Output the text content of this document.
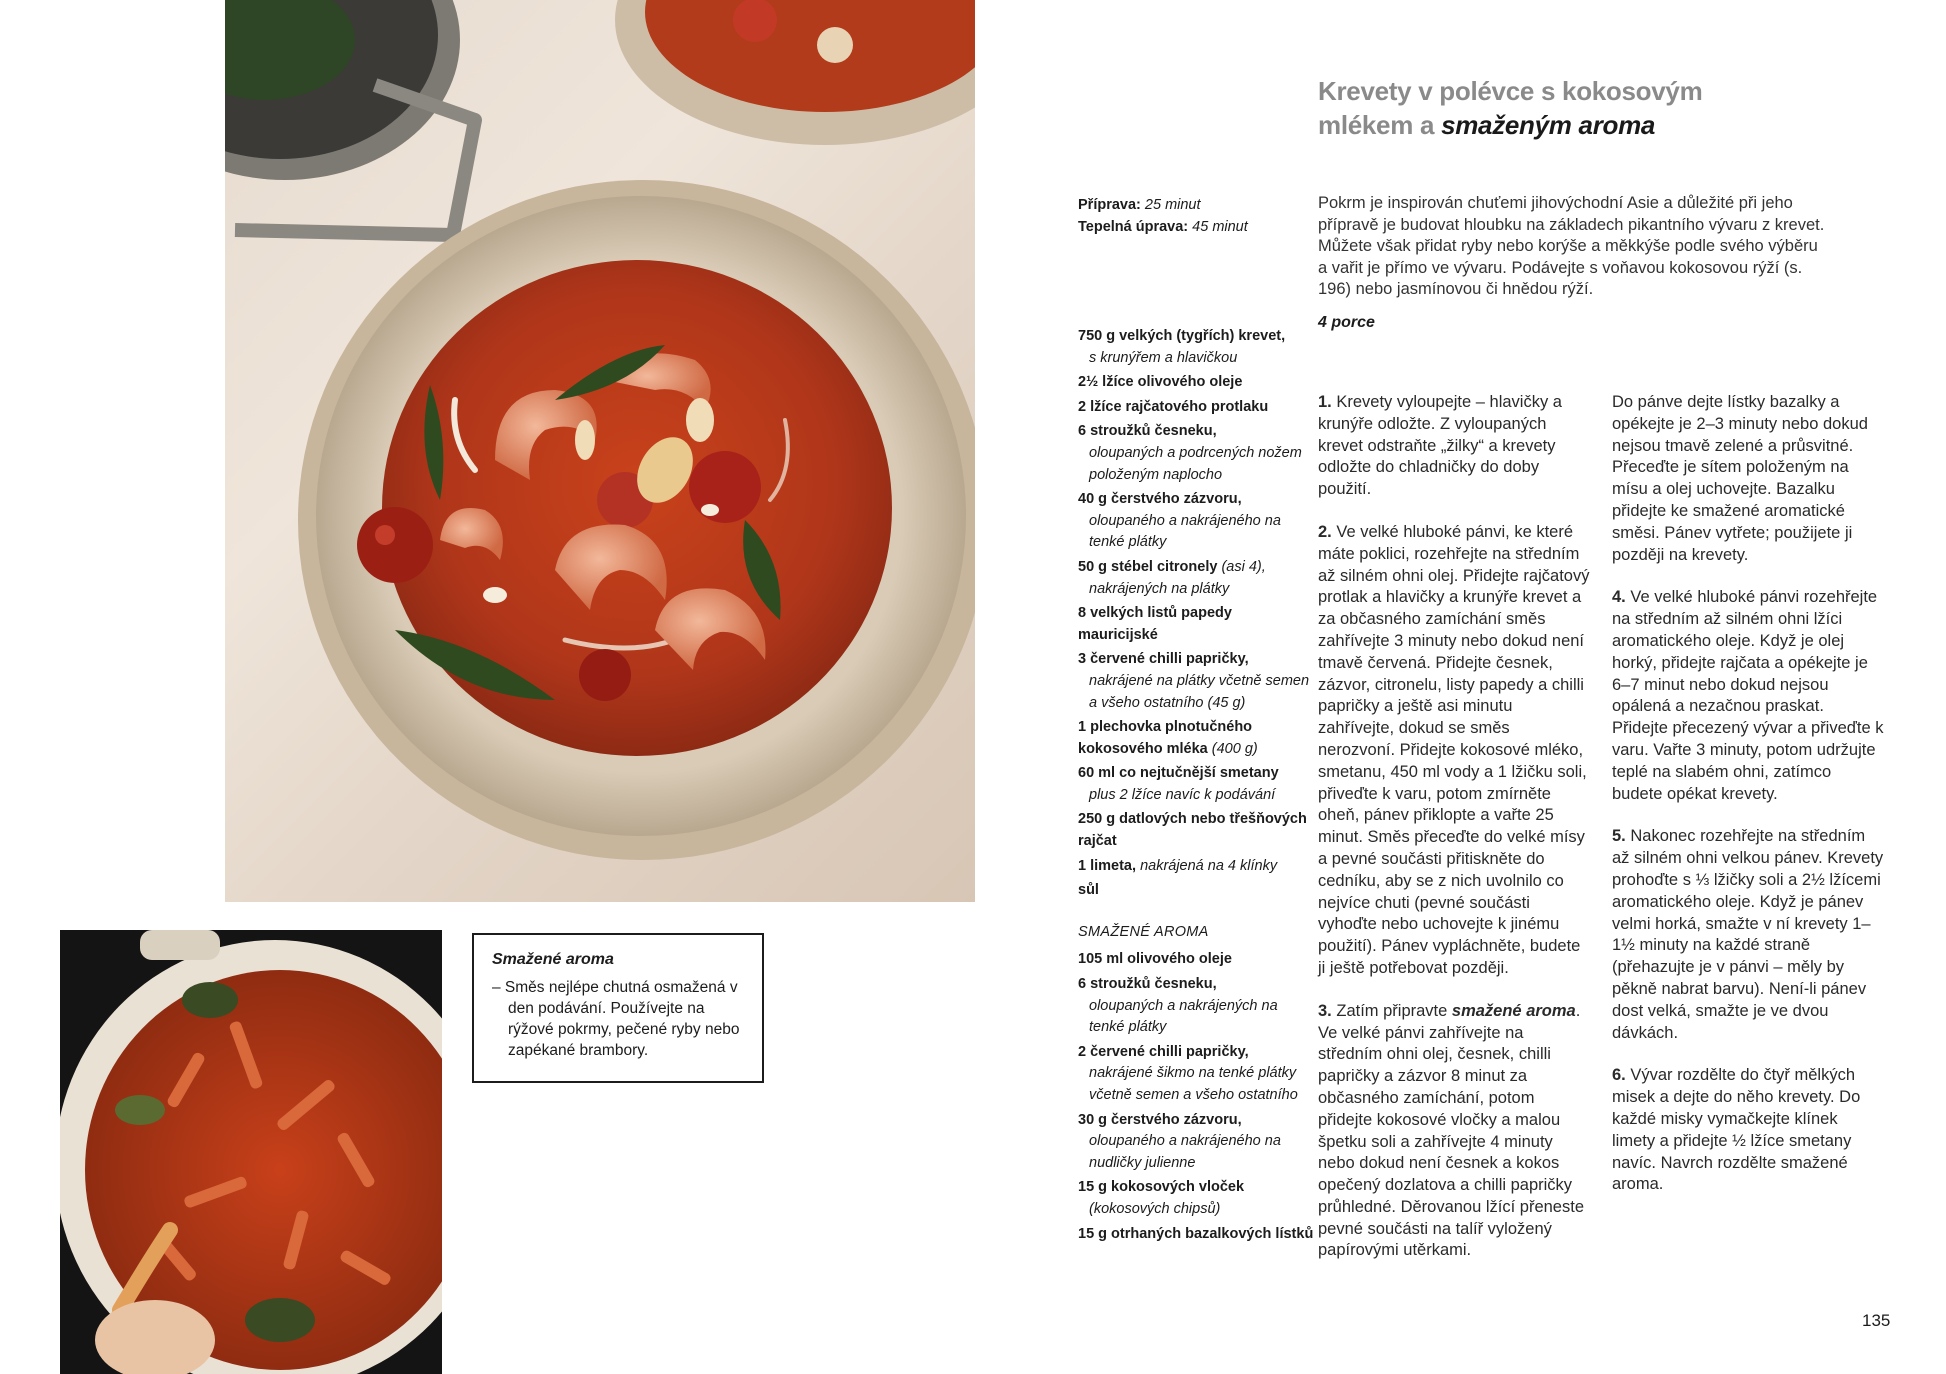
Smažené aroma
– Směs nejlépe chutná osmažená v den podávání. Používejte na rýžové pokrmy, pečené ryby nebo zapékané brambory.
Krevety v polévce s kokosovým
mlékem a smaženým aroma
Příprava: 25 minut
Tepelná úprava: 45 minut
Pokrm je inspirován chuťemi jihovýchodní Asie a důležité při jeho přípravě je budovat hloubku na základech pikantního vývaru z krevet. Můžete však přidat ryby nebo korýše a měkkýše podle svého výběru a vařit je přímo ve vývaru. Podávejte s voňavou kokosovou rýží (s. 196) nebo jasmínovou či hnědou rýží.
4 porce
750 g velkých (tygřích) krevet,
s krunýřem a hlavičkou
2½ lžíce olivového oleje
2 lžíce rajčatového protlaku
6 stroužků česneku,
oloupaných a podrcených nožem položeným naplocho
40 g čerstvého zázvoru,
oloupaného a nakrájeného na tenké plátky
50 g stébel citronely (asi 4),
nakrájených na plátky
8 velkých listů papedy mauricijské
3 červené chilli papričky,
nakrájené na plátky včetně semen a všeho ostatního (45 g)
1 plechovka plnotučného kokosového mléka (400 g)
60 ml co nejtučnější smetany
plus 2 lžíce navíc k podávání
250 g datlových nebo třešňových rajčat
1 limeta, nakrájená na 4 klínky
sůl
SMAŽENÉ AROMA
105 ml olivového oleje
6 stroužků česneku,
oloupaných a nakrájených na tenké plátky
2 červené chilli papričky,
nakrájené šikmo na tenké plátky včetně semen a všeho ostatního
30 g čerstvého zázvoru,
oloupaného a nakrájeného na nudličky julienne
15 g kokosových vloček
(kokosových chipsů)
15 g otrhaných bazalkových lístků
1. Krevety vyloupejte – hlavičky a krunýře odložte. Z vyloupaných krevet odstraňte „žilky“ a krevety odložte do chladničky do doby použití.
2. Ve velké hluboké pánvi, ke které máte poklici, rozehřejte na středním až silném ohni olej. Přidejte rajčatový protlak a hlavičky a krunýře krevet a za občasného zamíchání směs zahřívejte 3 minuty nebo dokud není tmavě červená. Přidejte česnek, zázvor, citronelu, listy papedy a chilli papričky a ještě asi minutu zahřívejte, dokud se směs nerozvoní. Přidejte kokosové mléko, smetanu, 450 ml vody a 1 lžičku soli, přiveďte k varu, potom zmírněte oheň, pánev přiklopte a vařte 25 minut. Směs přeceďte do velké mísy a pevné součásti přitiskněte do cedníku, aby se z nich uvolnilo co nejvíce chuti (pevné součásti vyhoďte nebo uchovejte k jinému použití). Pánev vypláchněte, budete ji ještě potřebovat později.
3. Zatím připravte smažené aroma. Ve velké pánvi zahřívejte na středním ohni olej, česnek, chilli papričky a zázvor 8 minut za občasného zamíchání, potom přidejte kokosové vločky a malou špetku soli a zahřívejte 4 minuty nebo dokud není česnek a kokos opečený dozlatova a chilli papričky průhledné. Děrovanou lžící přeneste pevné součásti na talíř vyložený papírovými utěrkami.
Do pánve dejte lístky bazalky a opékejte je 2–3 minuty nebo dokud nejsou tmavě zelené a průsvitné. Přeceďte je sítem položeným na mísu a olej uchovejte. Bazalku přidejte ke smažené aromatické směsi. Pánev vytřete; použijete ji později na krevety.
4. Ve velké hluboké pánvi rozehřejte na středním až silném ohni lžíci aromatického oleje. Když je olej horký, přidejte rajčata a opékejte je 6–7 minut nebo dokud nejsou opálená a nezačnou praskat. Přidejte přecezený vývar a přiveďte k varu. Vařte 3 minuty, potom udržujte teplé na slabém ohni, zatímco budete opékat krevety.
5. Nakonec rozehřejte na středním až silném ohni velkou pánev. Krevety prohoďte s ⅓ lžičky soli a 2½ lžícemi aromatického oleje. Když je pánev velmi horká, smažte v ní krevety 1–1½ minuty na každé straně (přehazujte je v pánvi – měly by pěkně nabrat barvu). Není-li pánev dost velká, smažte je ve dvou dávkách.
6. Vývar rozdělte do čtyř mělkých misek a dejte do něho krevety. Do každé misky vymačkejte klínek limety a přidejte ½ lžíce smetany navíc. Navrch rozdělte smažené aroma.
135
